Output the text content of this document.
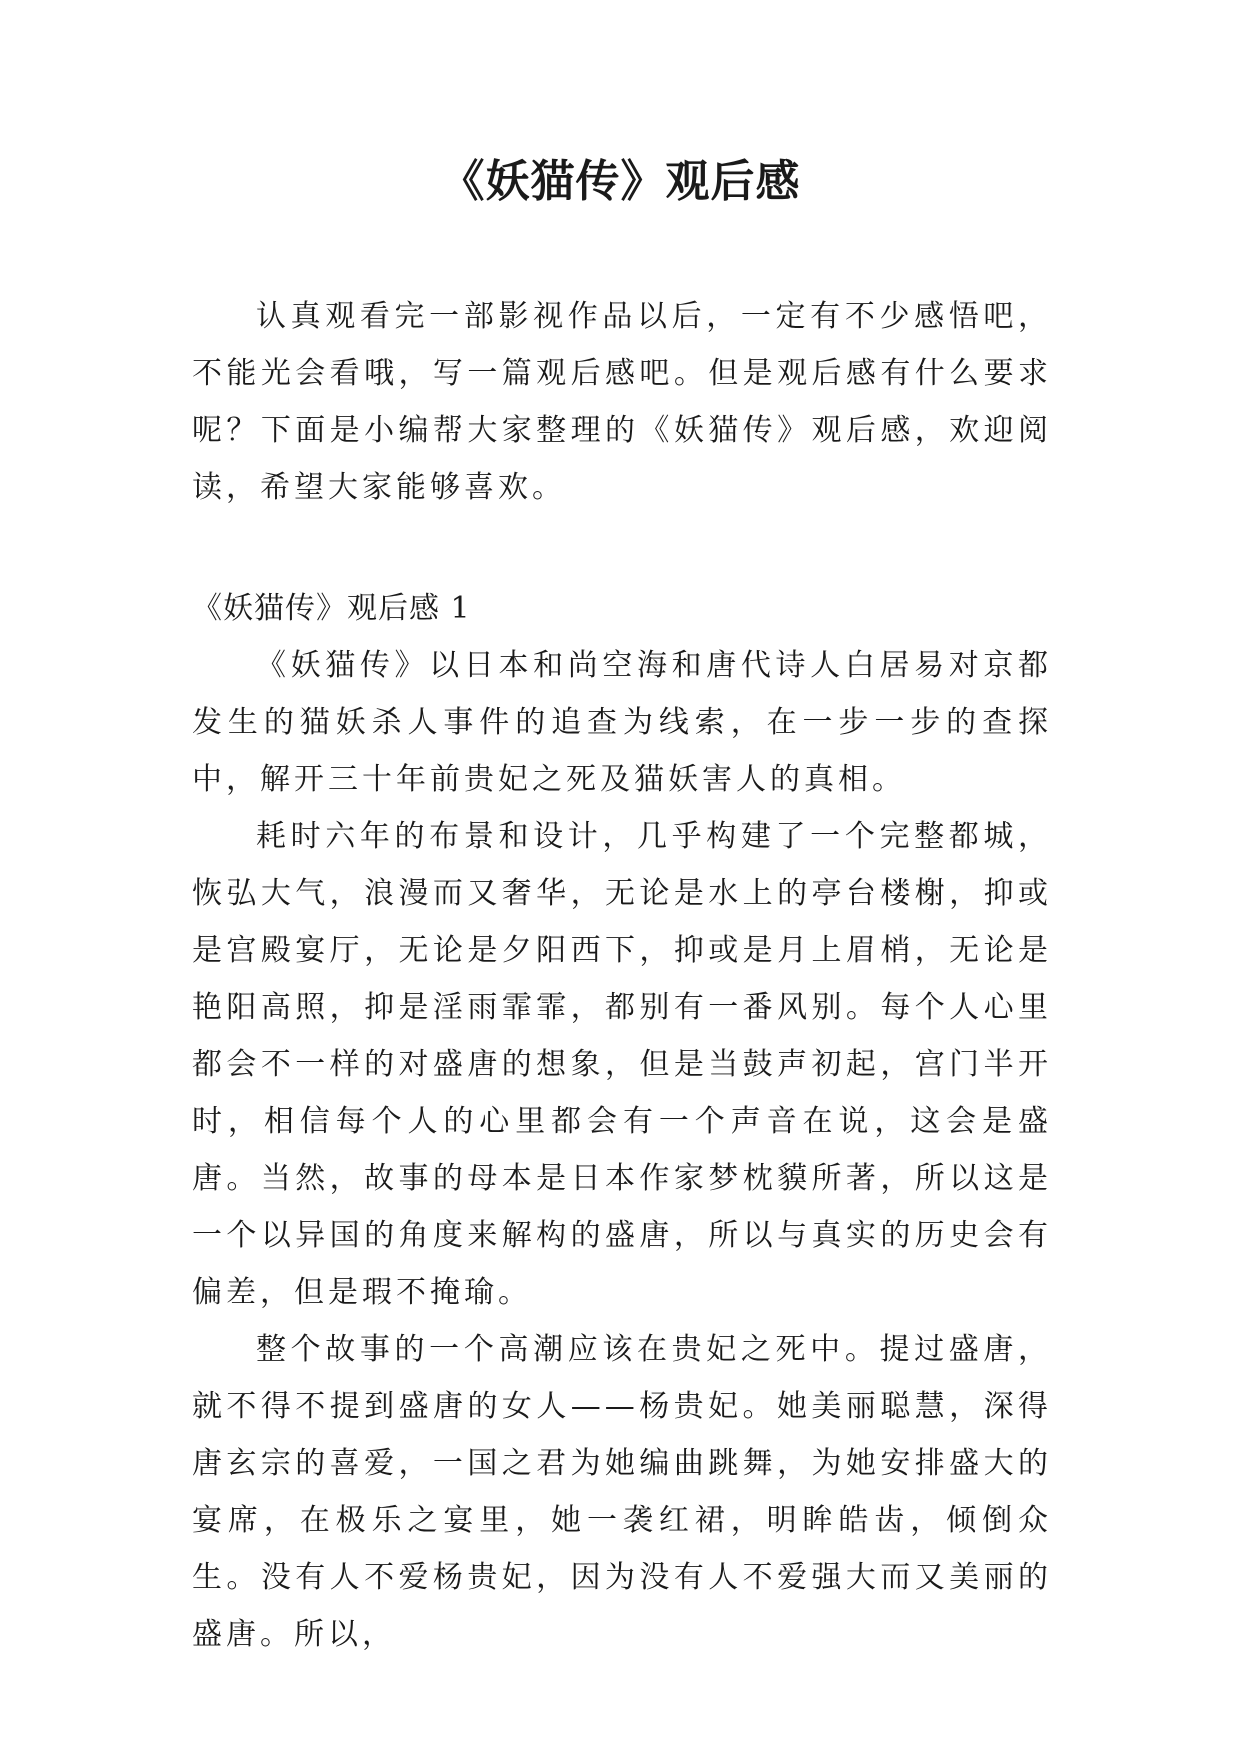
《妖猫传》观后感

认真观看完一部影视作品以后，一定有不少感悟吧，不能光会看哦，写一篇观后感吧。但是观后感有什么要求呢？下面是小编帮大家整理的《妖猫传》观后感，欢迎阅读，希望大家能够喜欢。

《妖猫传》观后感 1

《妖猫传》以日本和尚空海和唐代诗人白居易对京都发生的猫妖杀人事件的追查为线索，在一步一步的查探中，解开三十年前贵妃之死及猫妖害人的真相。

耗时六年的布景和设计，几乎构建了一个完整都城，恢弘大气，浪漫而又奢华，无论是水上的亭台楼榭，抑或是宫殿宴厅，无论是夕阳西下，抑或是月上眉梢，无论是艳阳高照，抑是淫雨霏霏，都别有一番风别。每个人心里都会不一样的对盛唐的想象，但是当鼓声初起，宫门半开时，相信每个人的心里都会有一个声音在说，这会是盛唐。当然，故事的母本是日本作家梦枕貘所著，所以这是一个以异国的角度来解构的盛唐，所以与真实的历史会有偏差，但是瑕不掩瑜。

整个故事的一个高潮应该在贵妃之死中。提过盛唐，就不得不提到盛唐的女人——杨贵妃。她美丽聪慧，深得唐玄宗的喜爱，一国之君为她编曲跳舞，为她安排盛大的宴席，在极乐之宴里，她一袭红裙，明眸皓齿，倾倒众生。没有人不爱杨贵妃，因为没有人不爱强大而又美丽的盛唐。所以，
